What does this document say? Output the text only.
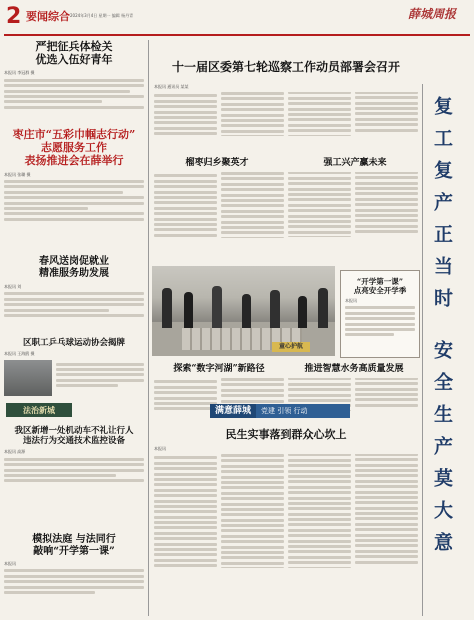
2 要闻综合 2024年3月4日 星期一 编辑 杨丹青	薛城周报
严把征兵体检关
优选入伍好青年
本报讯 李冠群 摄
枣庄市“五彩巾帼志行动”
志愿服务工作
表扬推进会在薛举行
本报讯 张璐 摄
春风送岗促就业
精准服务助发展
本报讯 刘
区职工乒乓球运动协会揭牌
本报讯 王海鸥 摄
法治新城
我区新增一处机动车不礼让行人
违法行为交通技术监控设备
本报讯 高源
模拟法庭 与法同行
敲响“开学第一课”
本报讯
十一届区委第七轮巡察工作动员部署会召开
本报讯 通讯员 某某
榴枣归乡聚英才	强工兴产赢未来
童心护航
“开学第一课”
点亮安全开学季
本报讯
探索“数字河湖”新路径	推进智慧水务高质量发展
满意薛城	党建 引领 行动
民生实事落到群众心坎上
本报讯
复工复产正当时
安全生产莫大意
